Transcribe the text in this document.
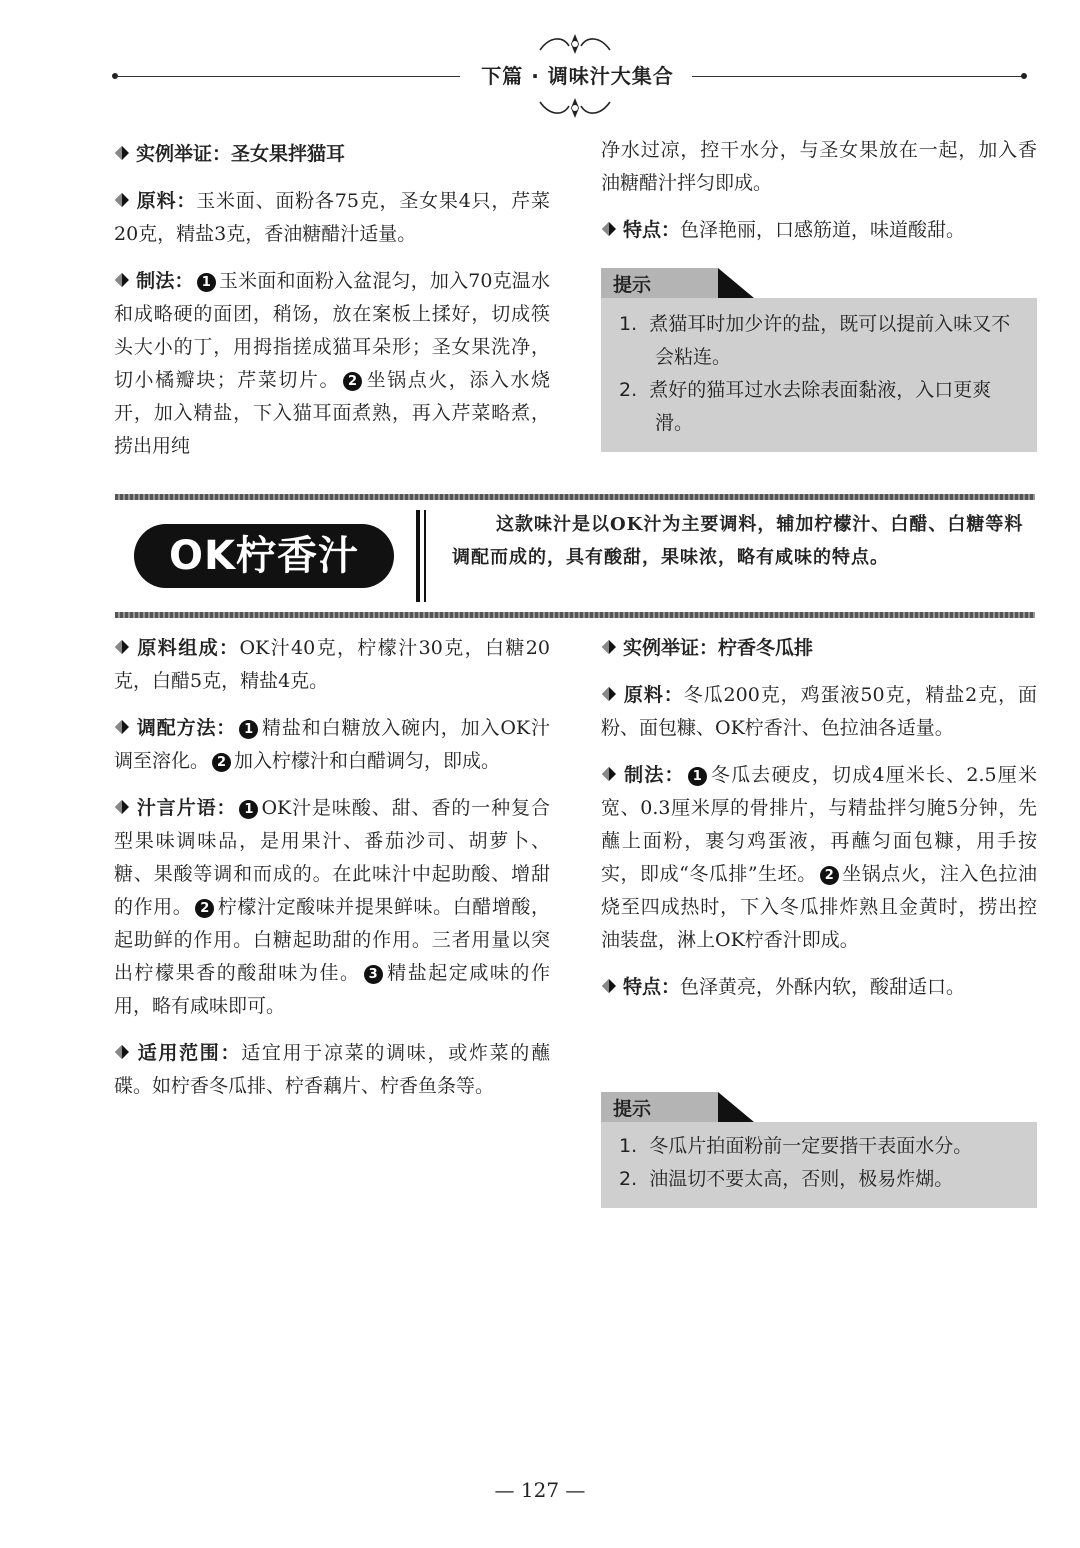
下篇 · 调味汁大集合

实例举证：圣女果拌猫耳

原料：玉米面、面粉各75克，圣女果4只，芹菜20克，精盐3克，香油糖醋汁适量。

制法： 1 玉米面和面粉入盆混匀，加入70克温水和成略硬的面团，稍饧，放在案板上揉好，切成筷头大小的丁，用拇指搓成猫耳朵形；圣女果洗净，切小橘瓣块；芹菜切片。 2 坐锅点火，添入水烧开，加入精盐，下入猫耳面煮熟，再入芹菜略煮，捞出用纯

净水过凉，控干水分，与圣女果放在一起，加入香油糖醋汁拌匀即成。

特点：色泽艳丽，口感筋道，味道酸甜。

提示

1. 煮猫耳时加少许的盐，既可以提前入味又不会粘连。

2. 煮好的猫耳过水去除表面黏液，入口更爽滑。

OK柠香汁
这款味汁是以OK汁为主要调料，辅加柠檬汁、白醋、白糖等料调配而成的，具有酸甜，果味浓，略有咸味的特点。

原料组成：OK汁40克，柠檬汁30克，白糖20克，白醋5克，精盐4克。

调配方法： 1 精盐和白糖放入碗内，加入OK汁调至溶化。 2 加入柠檬汁和白醋调匀，即成。

汁言片语： 1 OK汁是味酸、甜、香的一种复合型果味调味品，是用果汁、番茄沙司、胡萝卜、糖、果酸等调和而成的。在此味汁中起助酸、增甜的作用。 2 柠檬汁定酸味并提果鲜味。白醋增酸，起助鲜的作用。白糖起助甜的作用。三者用量以突出柠檬果香的酸甜味为佳。 3 精盐起定咸味的作用，略有咸味即可。

适用范围：适宜用于凉菜的调味，或炸菜的蘸碟。如柠香冬瓜排、柠香藕片、柠香鱼条等。

实例举证：柠香冬瓜排

原料：冬瓜200克，鸡蛋液50克，精盐2克，面粉、面包糠、OK柠香汁、色拉油各适量。

制法： 1 冬瓜去硬皮，切成4厘米长、2.5厘米宽、0.3厘米厚的骨排片，与精盐拌匀腌5分钟，先蘸上面粉，裹匀鸡蛋液，再蘸匀面包糠，用手按实，即成“冬瓜排”生坯。 2 坐锅点火，注入色拉油烧至四成热时，下入冬瓜排炸熟且金黄时，捞出控油装盘，淋上OK柠香汁即成。

特点：色泽黄亮，外酥内软，酸甜适口。

提示

1. 冬瓜片拍面粉前一定要揩干表面水分。

2. 油温切不要太高，否则，极易炸煳。

— 127 —
